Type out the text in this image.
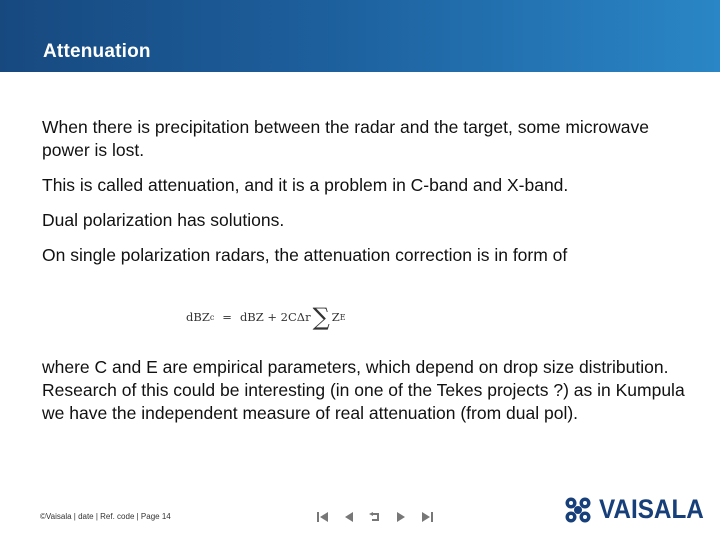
Attenuation

When there is precipitation between the radar and the target, some microwave power is lost.

This is called attenuation, and it is a problem in C-band and X-band.

Dual polarization has solutions.

On single polarization radars, the attenuation correction is in form of

dBZ c = dBZ + 2CΔr ∑ Z E

where C and E are empirical parameters, which depend on drop size distribution. Research of this could be interesting (in one of the Tekes projects ?) as in Kumpula we have the independent measure of real attenuation (from dual pol).

©Vaisala | date | Ref. code | Page 14	VAISALA
